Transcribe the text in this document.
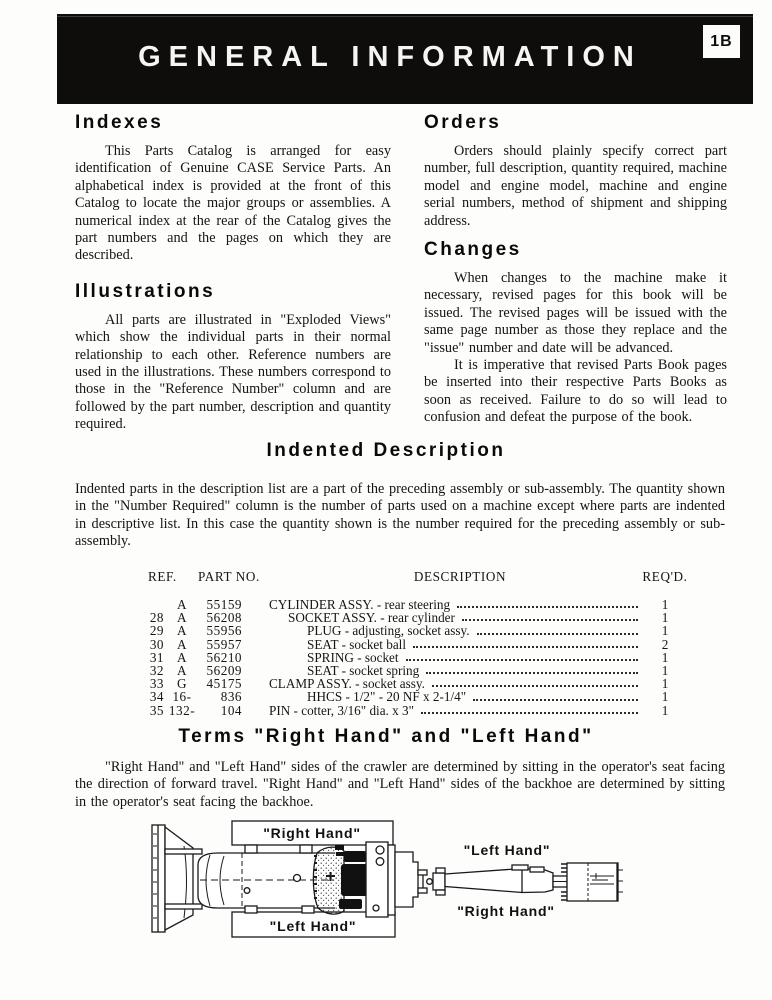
GENERAL INFORMATION
1B
Indexes

This Parts Catalog is arranged for easy identification of Genuine CASE Service Parts. An alphabetical index is provided at the front of this Catalog to locate the major groups or assemblies. A numerical index at the rear of the Catalog gives the part numbers and the pages on which they are described.

Illustrations

All parts are illustrated in "Exploded Views" which show the individual parts in their normal relationship to each other. Reference numbers are used in the illustrations. These numbers correspond to those in the "Reference Number" column and are followed by the part number, description and quantity required.

Orders

Orders should plainly specify correct part number, full description, quantity required, machine model and engine model, machine and engine serial numbers, method of shipment and shipping address.

Changes

When changes to the machine make it necessary, revised pages for this book will be issued. The revised pages will be issued with the same page number as those they replace and the "issue" number and date will be advanced.

It is imperative that revised Parts Book pages be inserted into their respective Parts Books as soon as received. Failure to do so will lead to confusion and defeat the purpose of the book.

Indented Description

Indented parts in the description list are a part of the preceding assembly or sub-assembly. The quantity shown in the "Number Required" column is the number of parts used on a machine except where parts are indented in descriptive list. In this case the quantity shown is the number required for the preceding assembly or sub-assembly.

REF.	PART NO.	DESCRIPTION	REQ'D.
A	55159 CYLINDER ASSY. - rear steering	1
28 A	56208	SOCKET ASSY. - rear cylinder	1
29 A	55956	PLUG - adjusting, socket assy.	1
30 A	55957	SEAT - socket ball	2
31 A	56210	SPRING - socket	1
32 A	56209	SEAT - socket spring	1
33 G	45175 CLAMP ASSY. - socket assy.	1
34 16-	836	HHCS - 1/2" - 20 NF x 2-1/4"	1
35 132-	104 PIN - cotter, 3/16" dia. x 3"	1
Terms "Right Hand" and "Left Hand"

"Right Hand" and "Left Hand" sides of the crawler are determined by sitting in the operator's seat facing the direction of forward travel. "Right Hand" and "Left Hand" sides of the backhoe are determined by sitting in the operator's seat facing the backhoe.

"Right Hand"
"Left Hand"
"Left Hand"
"Right Hand"
